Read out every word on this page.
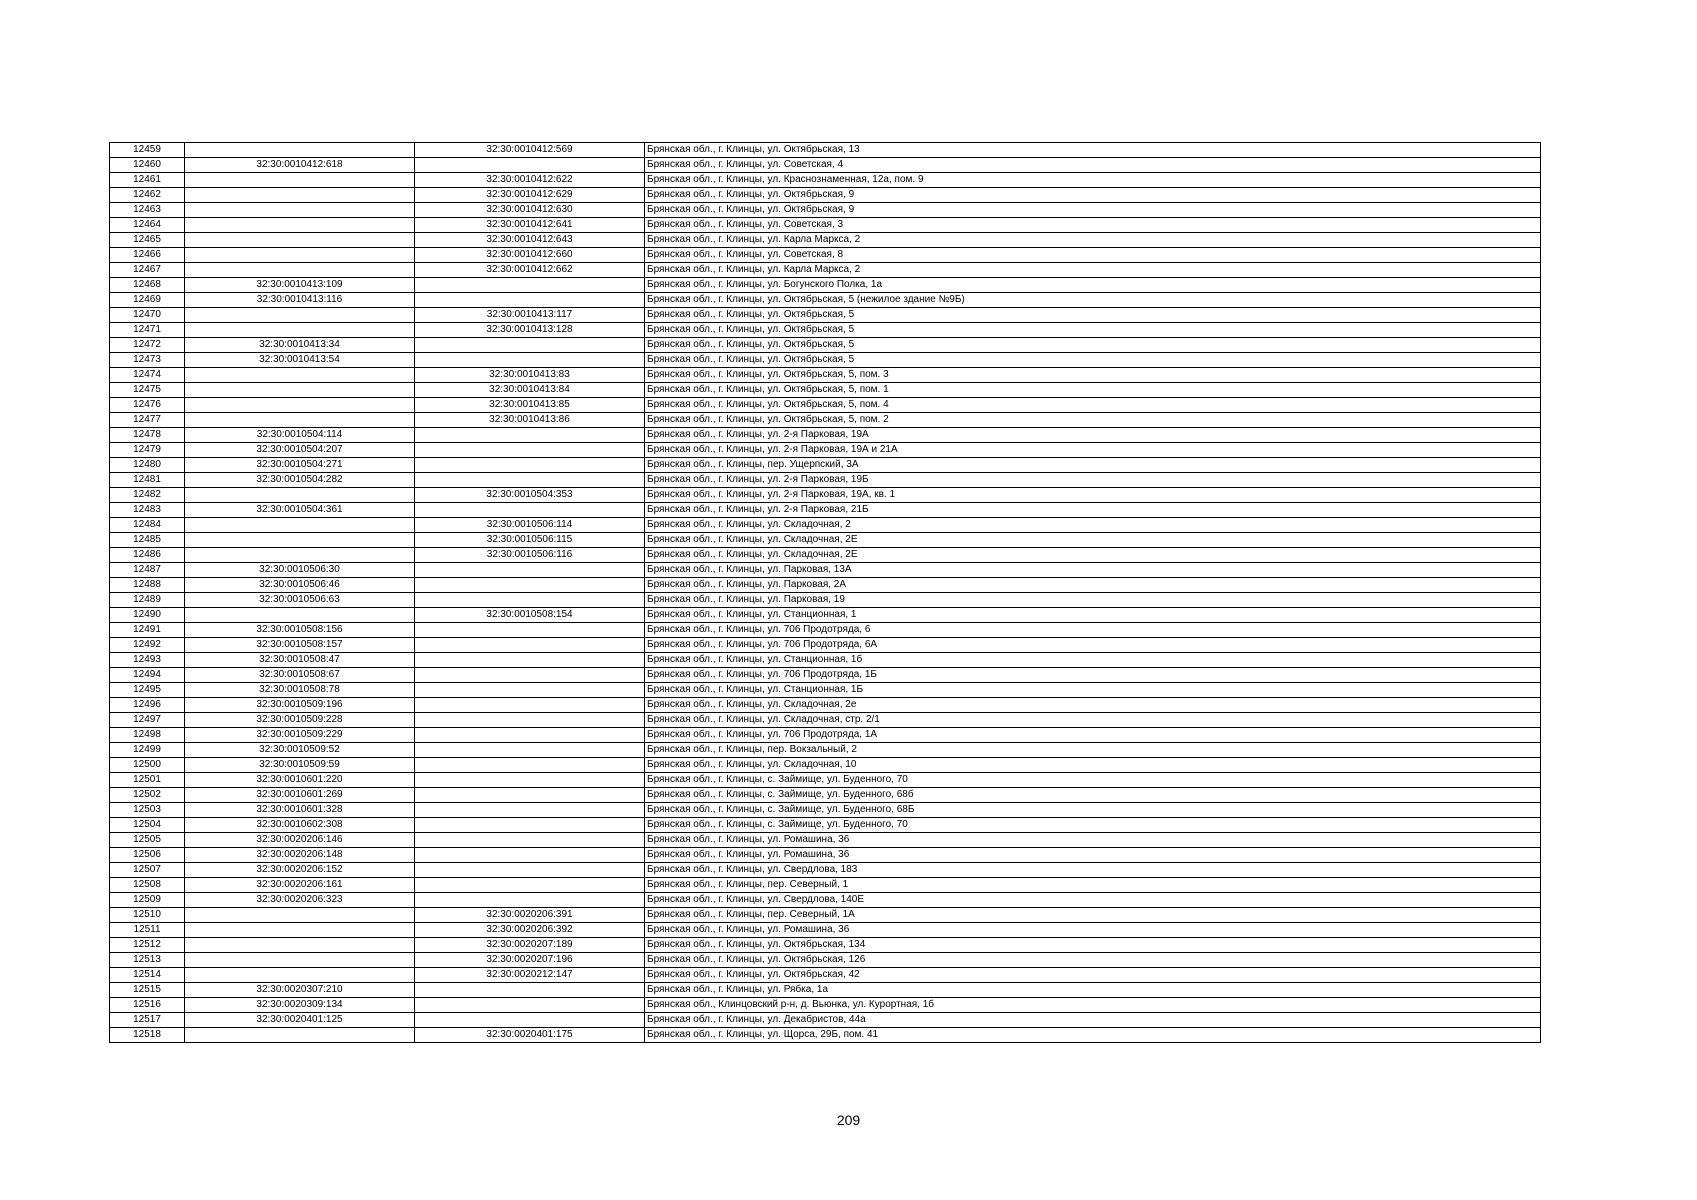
12459		32:30:0010412:569	Брянская обл., г. Клинцы, ул. Октябрьская, 13
12460	32:30:0010412:618		Брянская обл., г. Клинцы, ул. Советская, 4
12461		32:30:0010412:622	Брянская обл., г. Клинцы, ул. Краснознаменная, 12а, пом. 9
12462		32:30:0010412:629	Брянская обл., г. Клинцы, ул. Октябрьская, 9
12463		32:30:0010412:630	Брянская обл., г. Клинцы, ул. Октябрьская, 9
12464		32:30:0010412:641	Брянская обл., г. Клинцы, ул. Советская, 3
12465		32:30:0010412:643	Брянская обл., г. Клинцы, ул. Карла Маркса, 2
12466		32:30:0010412:660	Брянская обл., г. Клинцы, ул. Советская, 8
12467		32:30:0010412:662	Брянская обл., г. Клинцы, ул. Карла Маркса, 2
12468	32:30:0010413:109		Брянская обл., г. Клинцы, ул. Богунского Полка, 1а
12469	32:30:0010413:116		Брянская обл., г. Клинцы, ул. Октябрьская, 5 (нежилое здание №9Б)
12470		32:30:0010413:117	Брянская обл., г. Клинцы, ул. Октябрьская, 5
12471		32:30:0010413:128	Брянская обл., г. Клинцы, ул. Октябрьская, 5
12472	32:30:0010413:34		Брянская обл., г. Клинцы, ул. Октябрьская, 5
12473	32:30:0010413:54		Брянская обл., г. Клинцы, ул. Октябрьская, 5
12474		32:30:0010413:83	Брянская обл., г. Клинцы, ул. Октябрьская, 5, пом. 3
12475		32:30:0010413:84	Брянская обл., г. Клинцы, ул. Октябрьская, 5, пом. 1
12476		32:30:0010413:85	Брянская обл., г. Клинцы, ул. Октябрьская, 5, пом. 4
12477		32:30:0010413:86	Брянская обл., г. Клинцы, ул. Октябрьская, 5, пом. 2
12478	32:30:0010504:114		Брянская обл., г. Клинцы, ул. 2-я Парковая, 19А
12479	32:30:0010504:207		Брянская обл., г. Клинцы, ул. 2-я Парковая, 19А и 21А
12480	32:30:0010504:271		Брянская обл., г. Клинцы, пер. Ущерпский, 3А
12481	32:30:0010504:282		Брянская обл., г. Клинцы, ул. 2-я Парковая, 19Б
12482		32:30:0010504:353	Брянская обл., г. Клинцы, ул. 2-я Парковая, 19А, кв. 1
12483	32:30:0010504:361		Брянская обл., г. Клинцы, ул. 2-я Парковая, 21Б
12484		32:30:0010506:114	Брянская обл., г. Клинцы, ул. Складочная, 2
12485		32:30:0010506:115	Брянская обл., г. Клинцы, ул. Складочная, 2Е
12486		32:30:0010506:116	Брянская обл., г. Клинцы, ул. Складочная, 2Е
12487	32:30:0010506:30		Брянская обл., г. Клинцы, ул. Парковая, 13А
12488	32:30:0010506:46		Брянская обл., г. Клинцы, ул. Парковая, 2А
12489	32:30:0010506:63		Брянская обл., г. Клинцы, ул. Парковая, 19
12490		32:30:0010508:154	Брянская обл., г. Клинцы, ул. Станционная, 1
12491	32:30:0010508:156		Брянская обл., г. Клинцы, ул. 706 Продотряда, 6
12492	32:30:0010508:157		Брянская обл., г. Клинцы, ул. 706 Продотряда, 6А
12493	32:30:0010508:47		Брянская обл., г. Клинцы, ул. Станционная, 1б
12494	32:30:0010508:67		Брянская обл., г. Клинцы, ул. 706 Продотряда, 1Б
12495	32:30:0010508:78		Брянская обл., г. Клинцы, ул. Станционная, 1Б
12496	32:30:0010509:196		Брянская обл., г. Клинцы, ул. Складочная, 2е
12497	32:30:0010509:228		Брянская обл., г. Клинцы, ул. Складочная, стр. 2/1
12498	32:30:0010509:229		Брянская обл., г. Клинцы, ул. 706 Продотряда, 1А
12499	32:30:0010509:52		Брянская обл., г. Клинцы, пер. Вокзальный, 2
12500	32:30:0010509:59		Брянская обл., г. Клинцы, ул. Складочная, 10
12501	32:30:0010601:220		Брянская обл., г. Клинцы, с. Займище, ул. Буденного, 70
12502	32:30:0010601:269		Брянская обл., г. Клинцы, с. Займище, ул. Буденного, 68б
12503	32:30:0010601:328		Брянская обл., г. Клинцы, с. Займище, ул. Буденного, 68Б
12504	32:30:0010602:308		Брянская обл., г. Клинцы, с. Займище, ул. Буденного, 70
12505	32:30:0020206:146		Брянская обл., г. Клинцы, ул. Ромашина, 36
12506	32:30:0020206:148		Брянская обл., г. Клинцы, ул. Ромашина, 36
12507	32:30:0020206:152		Брянская обл., г. Клинцы, ул. Свердлова, 183
12508	32:30:0020206:161		Брянская обл., г. Клинцы, пер. Северный, 1
12509	32:30:0020206:323		Брянская обл., г. Клинцы, ул. Свердлова, 140Е
12510		32:30:0020206:391	Брянская обл., г. Клинцы, пер. Северный, 1А
12511		32:30:0020206:392	Брянская обл., г. Клинцы, ул. Ромашина, 36
12512		32:30:0020207:189	Брянская обл., г. Клинцы, ул. Октябрьская, 134
12513		32:30:0020207:196	Брянская обл., г. Клинцы, ул. Октябрьская, 126
12514		32:30:0020212:147	Брянская обл., г. Клинцы, ул. Октябрьская, 42
12515	32:30:0020307:210		Брянская обл., г. Клинцы, ул. Рябка, 1а
12516	32:30:0020309:134		Брянская обл., Клинцовский р-н, д. Вьюнка, ул. Курортная, 1б
12517	32:30:0020401:125		Брянская обл., г. Клинцы, ул. Декабристов, 44а
12518		32:30:0020401:175	Брянская обл., г. Клинцы, ул. Щорса, 29Б, пом. 41
209
